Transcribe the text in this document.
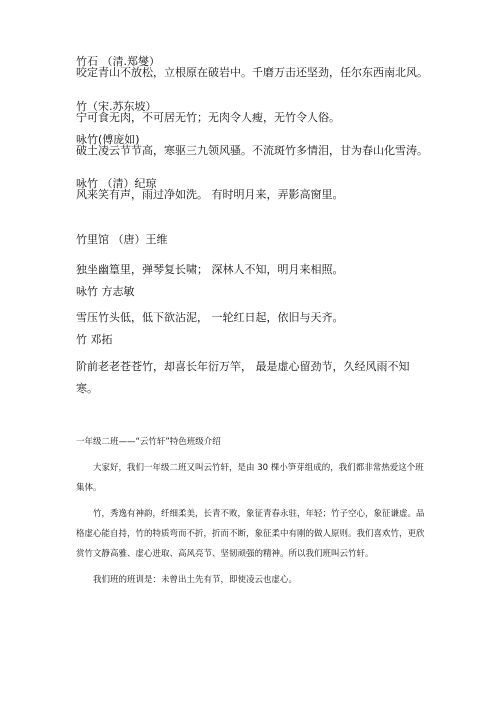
竹石 （清.郑燮）

咬定青山不放松，立根原在破岩中。千磨万击还坚劲，任尔东西南北风。

竹（宋.苏东坡）

宁可食无肉，不可居无竹；无肉令人瘦，无竹令人俗。

咏竹(傅庞如)

破土凌云节节高，寒驱三九领风骚。不流斑竹多情泪，甘为春山化雪涛。

咏竹 （清）纪琼

风来笑有声，雨过净如洗。 有时明月来，弄影高窗里。

竹里馆 （唐）王维

独坐幽篁里，弹琴复长啸； 深林人不知，明月来相照。

咏竹 方志敏

雪压竹头低，低下欲沾泥， 一轮红日起，依旧与天齐。

竹 邓拓

阶前老老苍苍竹，却喜长年衍万竿， 最是虚心留劲节，久经风雨不知寒。

一年级二班——“云竹轩”特色班级介绍

大家好，我们一年级二班又叫云竹轩，是由 30 棵小笋芽组成的，我们都非常热爱这个班集体。

竹，秀逸有神韵，纤细柔美，长青不败，象征青春永驻，年轻；竹子空心，象征谦虚。品格虚心能自持，竹的特质弯而不折，折而不断，象征柔中有刚的做人原则。我们喜欢竹，更欣赏竹文静高雅、虚心进取、高风亮节、坚韧顽强的精神。所以我们班叫云竹轩。

我们班的班训是：未曾出土先有节，即使凌云也虚心。
